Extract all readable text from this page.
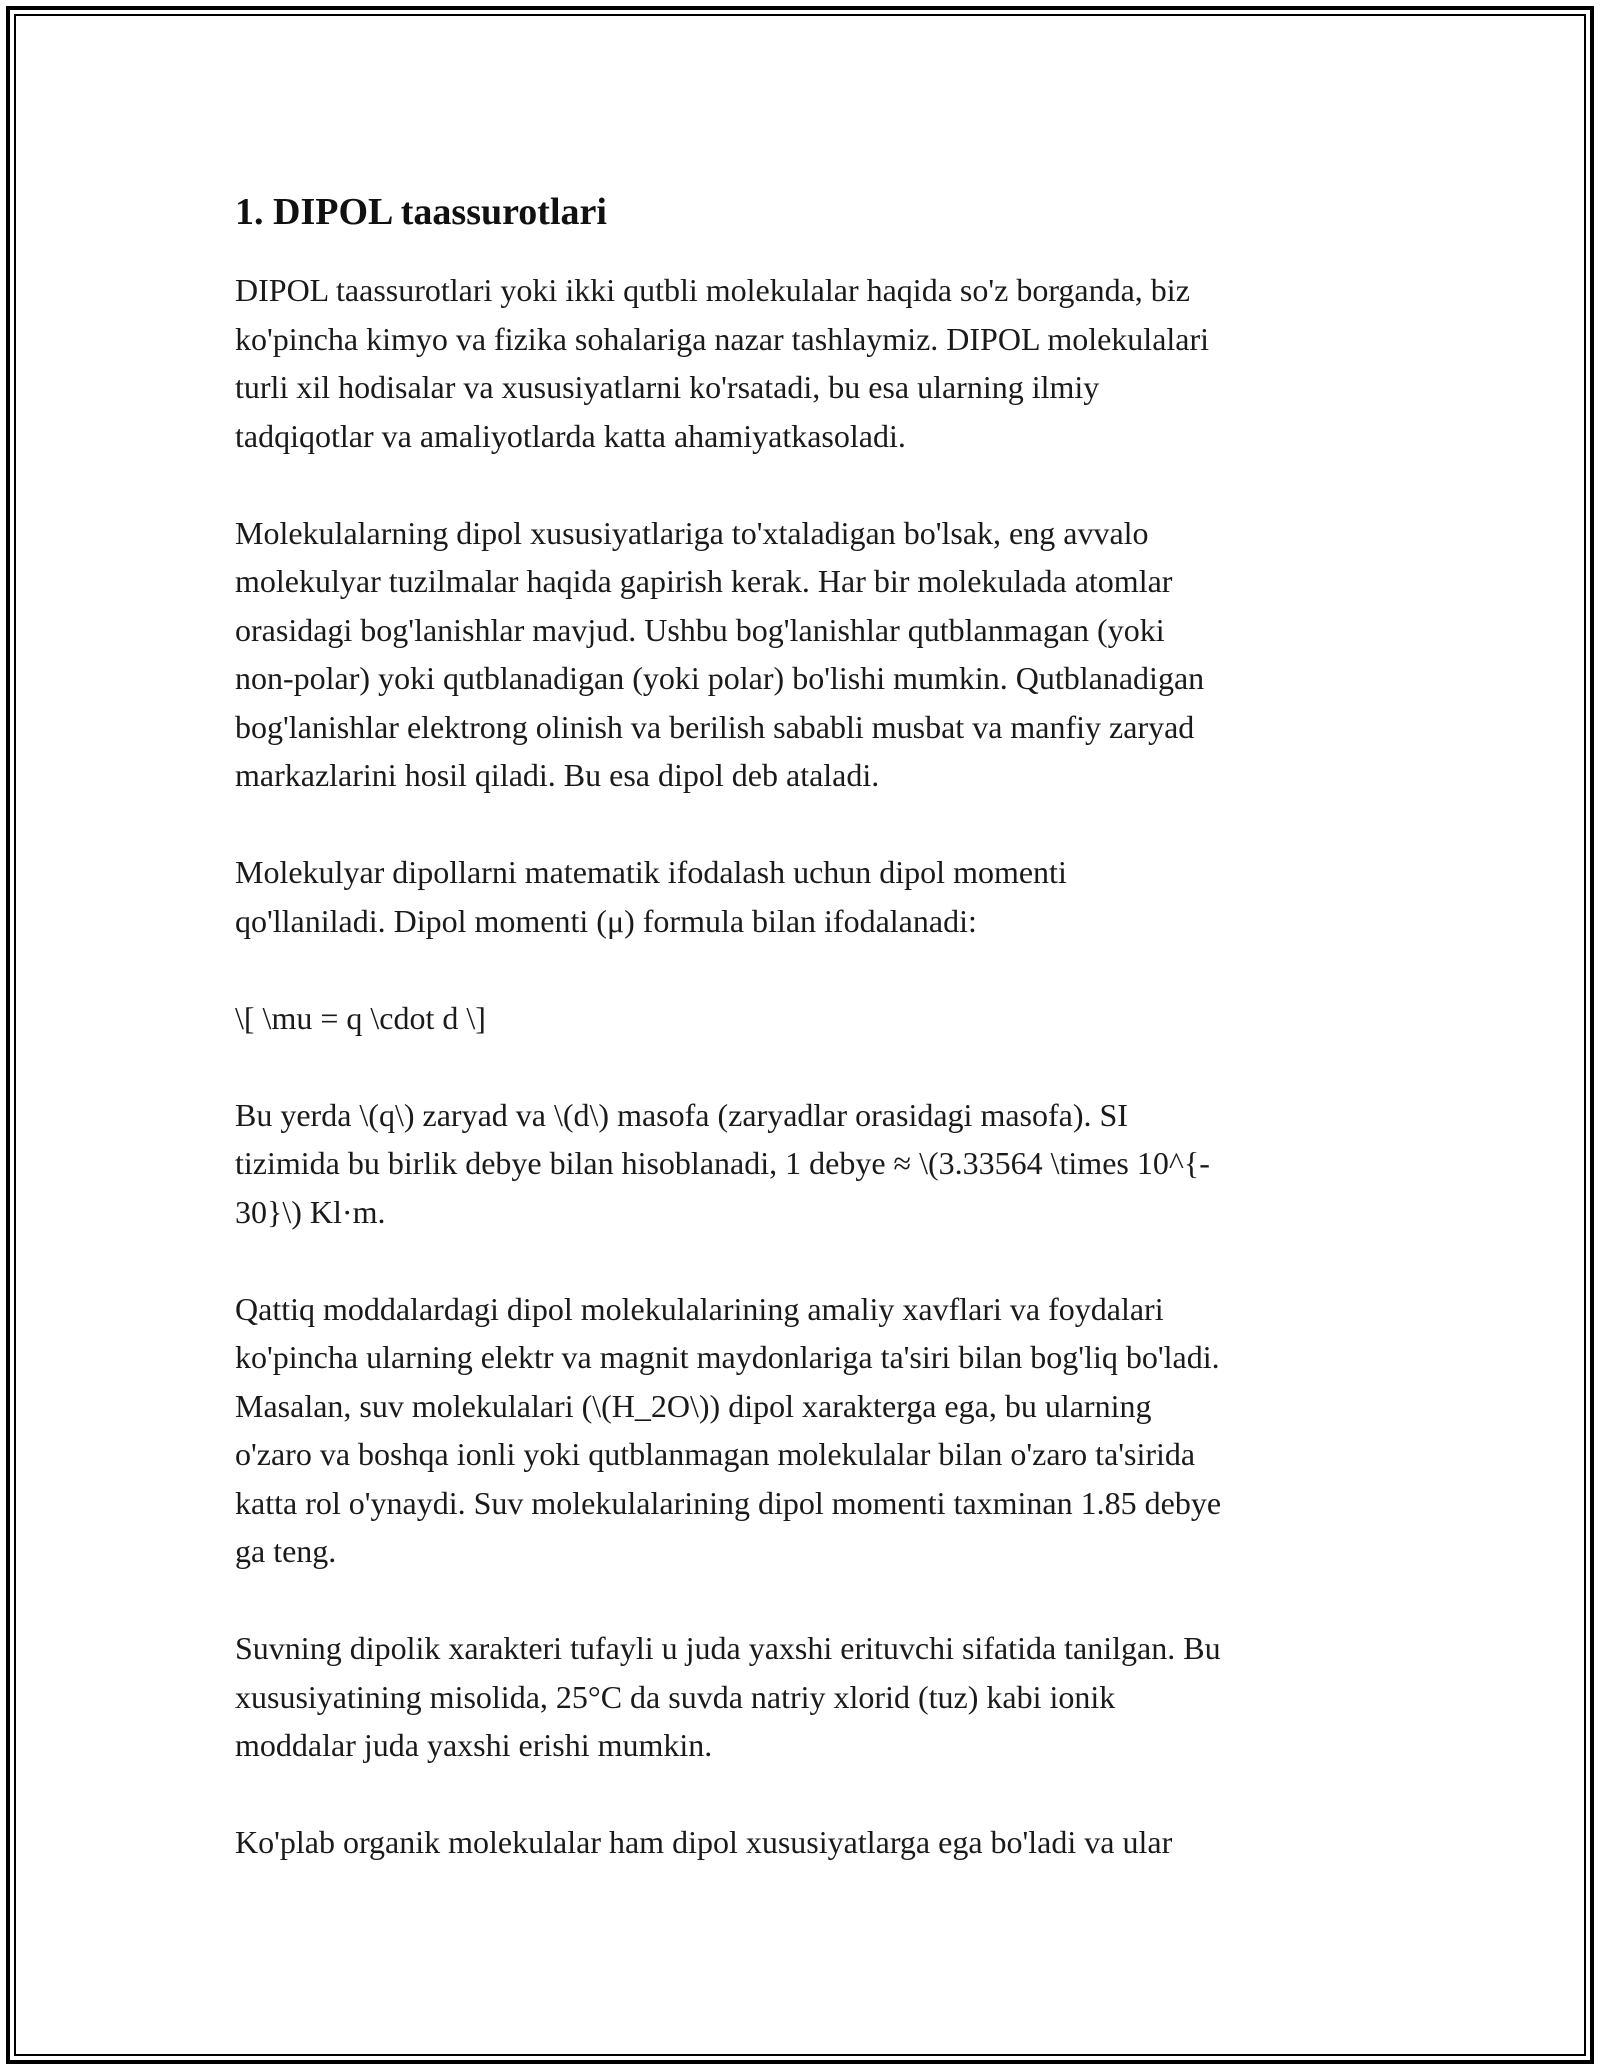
1. DIPOL taassurotlari

DIPOL taassurotlari yoki ikki qutbli molekulalar haqida so'z borganda, biz
ko'pincha kimyo va fizika sohalariga nazar tashlaymiz. DIPOL molekulalari
turli xil hodisalar va xususiyatlarni ko'rsatadi, bu esa ularning ilmiy
tadqiqotlar va amaliyotlarda katta ahamiyatkasoladi.

Molekulalarning dipol xususiyatlariga to'xtaladigan bo'lsak, eng avvalo
molekulyar tuzilmalar haqida gapirish kerak. Har bir molekulada atomlar
orasidagi bog'lanishlar mavjud. Ushbu bog'lanishlar qutblanmagan (yoki
non-polar) yoki qutblanadigan (yoki polar) bo'lishi mumkin. Qutblanadigan
bog'lanishlar elektrong olinish va berilish sababli musbat va manfiy zaryad
markazlarini hosil qiladi. Bu esa dipol deb ataladi.

Molekulyar dipollarni matematik ifodalash uchun dipol momenti
qo'llaniladi. Dipol momenti (μ) formula bilan ifodalanadi:

\[ \mu = q \cdot d \]

Bu yerda \(q\) zaryad va \(d\) masofa (zaryadlar orasidagi masofa). SI
tizimida bu birlik debye bilan hisoblanadi, 1 debye ≈ \(3.33564 \times 10^{-
30}\) Kl·m.

Qattiq moddalardagi dipol molekulalarining amaliy xavflari va foydalari
ko'pincha ularning elektr va magnit maydonlariga ta'siri bilan bog'liq bo'ladi.
Masalan, suv molekulalari (\(H_2O\)) dipol xarakterga ega, bu ularning
o'zaro va boshqa ionli yoki qutblanmagan molekulalar bilan o'zaro ta'sirida
katta rol o'ynaydi. Suv molekulalarining dipol momenti taxminan 1.85 debye
ga teng.

Suvning dipolik xarakteri tufayli u juda yaxshi erituvchi sifatida tanilgan. Bu
xususiyatining misolida, 25°C da suvda natriy xlorid (tuz) kabi ionik
moddalar juda yaxshi erishi mumkin.

Ko'plab organik molekulalar ham dipol xususiyatlarga ega bo'ladi va ular
